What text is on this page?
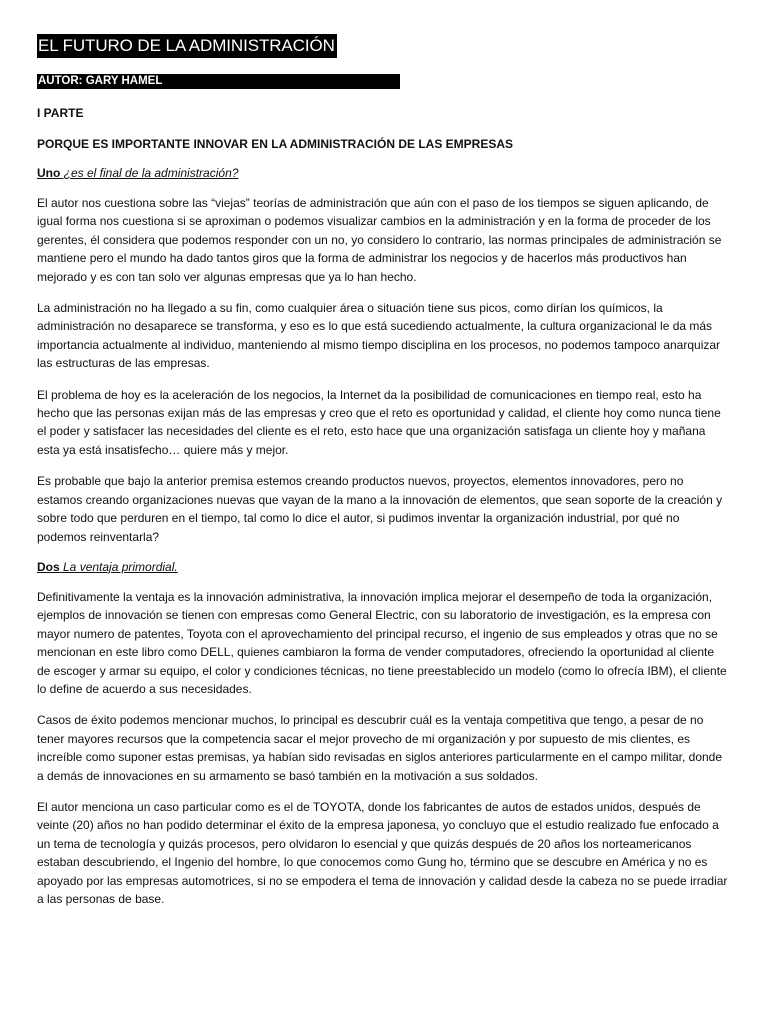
EL FUTURO DE LA ADMINISTRACIÓN
AUTOR: GARY HAMEL
I PARTE
PORQUE ES IMPORTANTE INNOVAR EN LA ADMINISTRACIÓN DE LAS EMPRESAS
Uno ¿es el final de la administración?

El autor nos cuestiona sobre las “viejas” teorías de administración que aún con el paso de los tiempos se siguen aplicando, de igual forma nos cuestiona si se aproximan o podemos visualizar cambios en la administración y en la forma de proceder de los gerentes, él considera que podemos responder con un no, yo considero lo contrario, las normas principales de administración se mantiene pero el mundo ha dado tantos giros que la forma de administrar los negocios y de hacerlos más productivos han mejorado y es con tan solo ver algunas empresas que ya lo han hecho.

La administración no ha llegado a su fin, como cualquier área o situación tiene sus picos, como dirían los químicos, la administración no desaparece se transforma, y eso es lo que está sucediendo actualmente, la cultura organizacional le da más importancia actualmente al individuo, manteniendo al mismo tiempo disciplina en los procesos, no podemos tampoco anarquizar las estructuras de las empresas.

El problema de hoy es la aceleración de los negocios, la Internet da la posibilidad de comunicaciones en tiempo real, esto ha hecho que las personas exijan más de las empresas y creo que el reto es oportunidad y calidad, el cliente hoy como nunca tiene el poder y satisfacer las necesidades del cliente es el reto, esto hace que una organización satisfaga un cliente hoy y mañana esta ya está insatisfecho… quiere más y mejor.

Es probable que bajo la anterior premisa estemos creando productos nuevos, proyectos, elementos innovadores, pero no estamos creando organizaciones nuevas que vayan de la mano a la innovación de elementos, que sean soporte de la creación y sobre todo que perduren en el tiempo, tal como lo dice el autor, si pudimos inventar la organización industrial, por qué no podemos reinventarla?

Dos La ventaja primordial.

Definitivamente la ventaja es la innovación administrativa, la innovación implica mejorar el desempeño de toda la organización, ejemplos de innovación se tienen con empresas como General Electric, con su laboratorio de investigación, es la empresa con mayor numero de patentes, Toyota con el aprovechamiento del principal recurso, el ingenio de sus empleados y otras que no se mencionan en este libro como DELL, quienes cambiaron la forma de vender computadores, ofreciendo la oportunidad al cliente de escoger y armar su equipo, el color y condiciones técnicas, no tiene preestablecido un modelo (como lo ofrecía IBM), el cliente lo define de acuerdo a sus necesidades.

Casos de éxito podemos mencionar muchos, lo principal es descubrir cuál es la ventaja competitiva que tengo, a pesar de no tener mayores recursos que la competencia sacar el mejor provecho de mi organización y por supuesto de mis clientes, es increíble como suponer estas premisas, ya habían sido revisadas en siglos anteriores particularmente en el campo militar, donde a demás de innovaciones en su armamento se basó también en la motivación a sus soldados.

El autor menciona un caso particular como es el de TOYOTA, donde los fabricantes de autos de estados unidos, después de veinte (20) años no han podido determinar el éxito de la empresa japonesa, yo concluyo que el estudio realizado fue enfocado a un tema de tecnología y quizás procesos, pero olvidaron lo esencial y que quizás después de 20 años los norteamericanos estaban descubriendo, el Ingenio del hombre, lo que conocemos como Gung ho, término que se descubre en América y no es apoyado por las empresas automotrices, si no se empodera el tema de innovación y calidad desde la cabeza no se puede irradiar a las personas de base.
